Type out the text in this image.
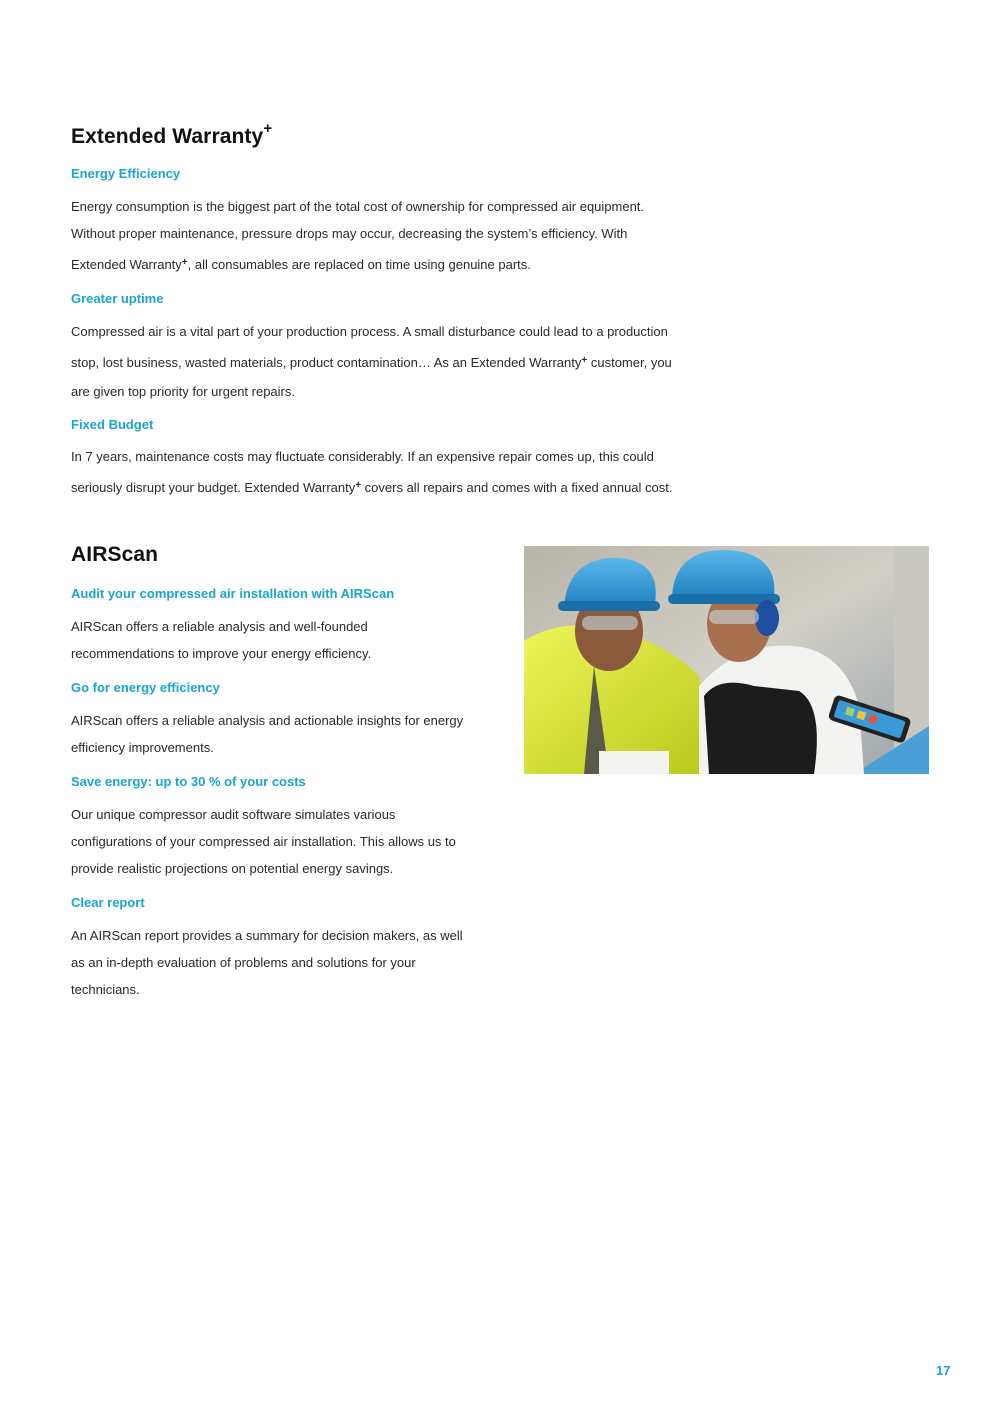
Extended Warranty+

Energy Efficiency

Energy consumption is the biggest part of the total cost of ownership for compressed air equipment.
Without proper maintenance, pressure drops may occur, decreasing the system’s efficiency. With
Extended Warranty+, all consumables are replaced on time using genuine parts.

Greater uptime

Compressed air is a vital part of your production process. A small disturbance could lead to a production
stop, lost business, wasted materials, product contamination… As an Extended Warranty+ customer, you
are given top priority for urgent repairs.

Fixed Budget

In 7 years, maintenance costs may fluctuate considerably. If an expensive repair comes up, this could
seriously disrupt your budget. Extended Warranty+ covers all repairs and comes with a fixed annual cost.
AIRScan

Audit your compressed air installation with AIRScan

AIRScan offers a reliable analysis and well-founded
recommendations to improve your energy efficiency.

Go for energy efficiency

AIRScan offers a reliable analysis and actionable insights for energy
efficiency improvements.

Save energy: up to 30 % of your costs

Our unique compressor audit software simulates various
configurations of your compressed air installation. This allows us to
provide realistic projections on potential energy savings.

Clear report

An AIRScan report provides a summary for decision makers, as well
as an in-depth evaluation of problems and solutions for your
technicians.
17
